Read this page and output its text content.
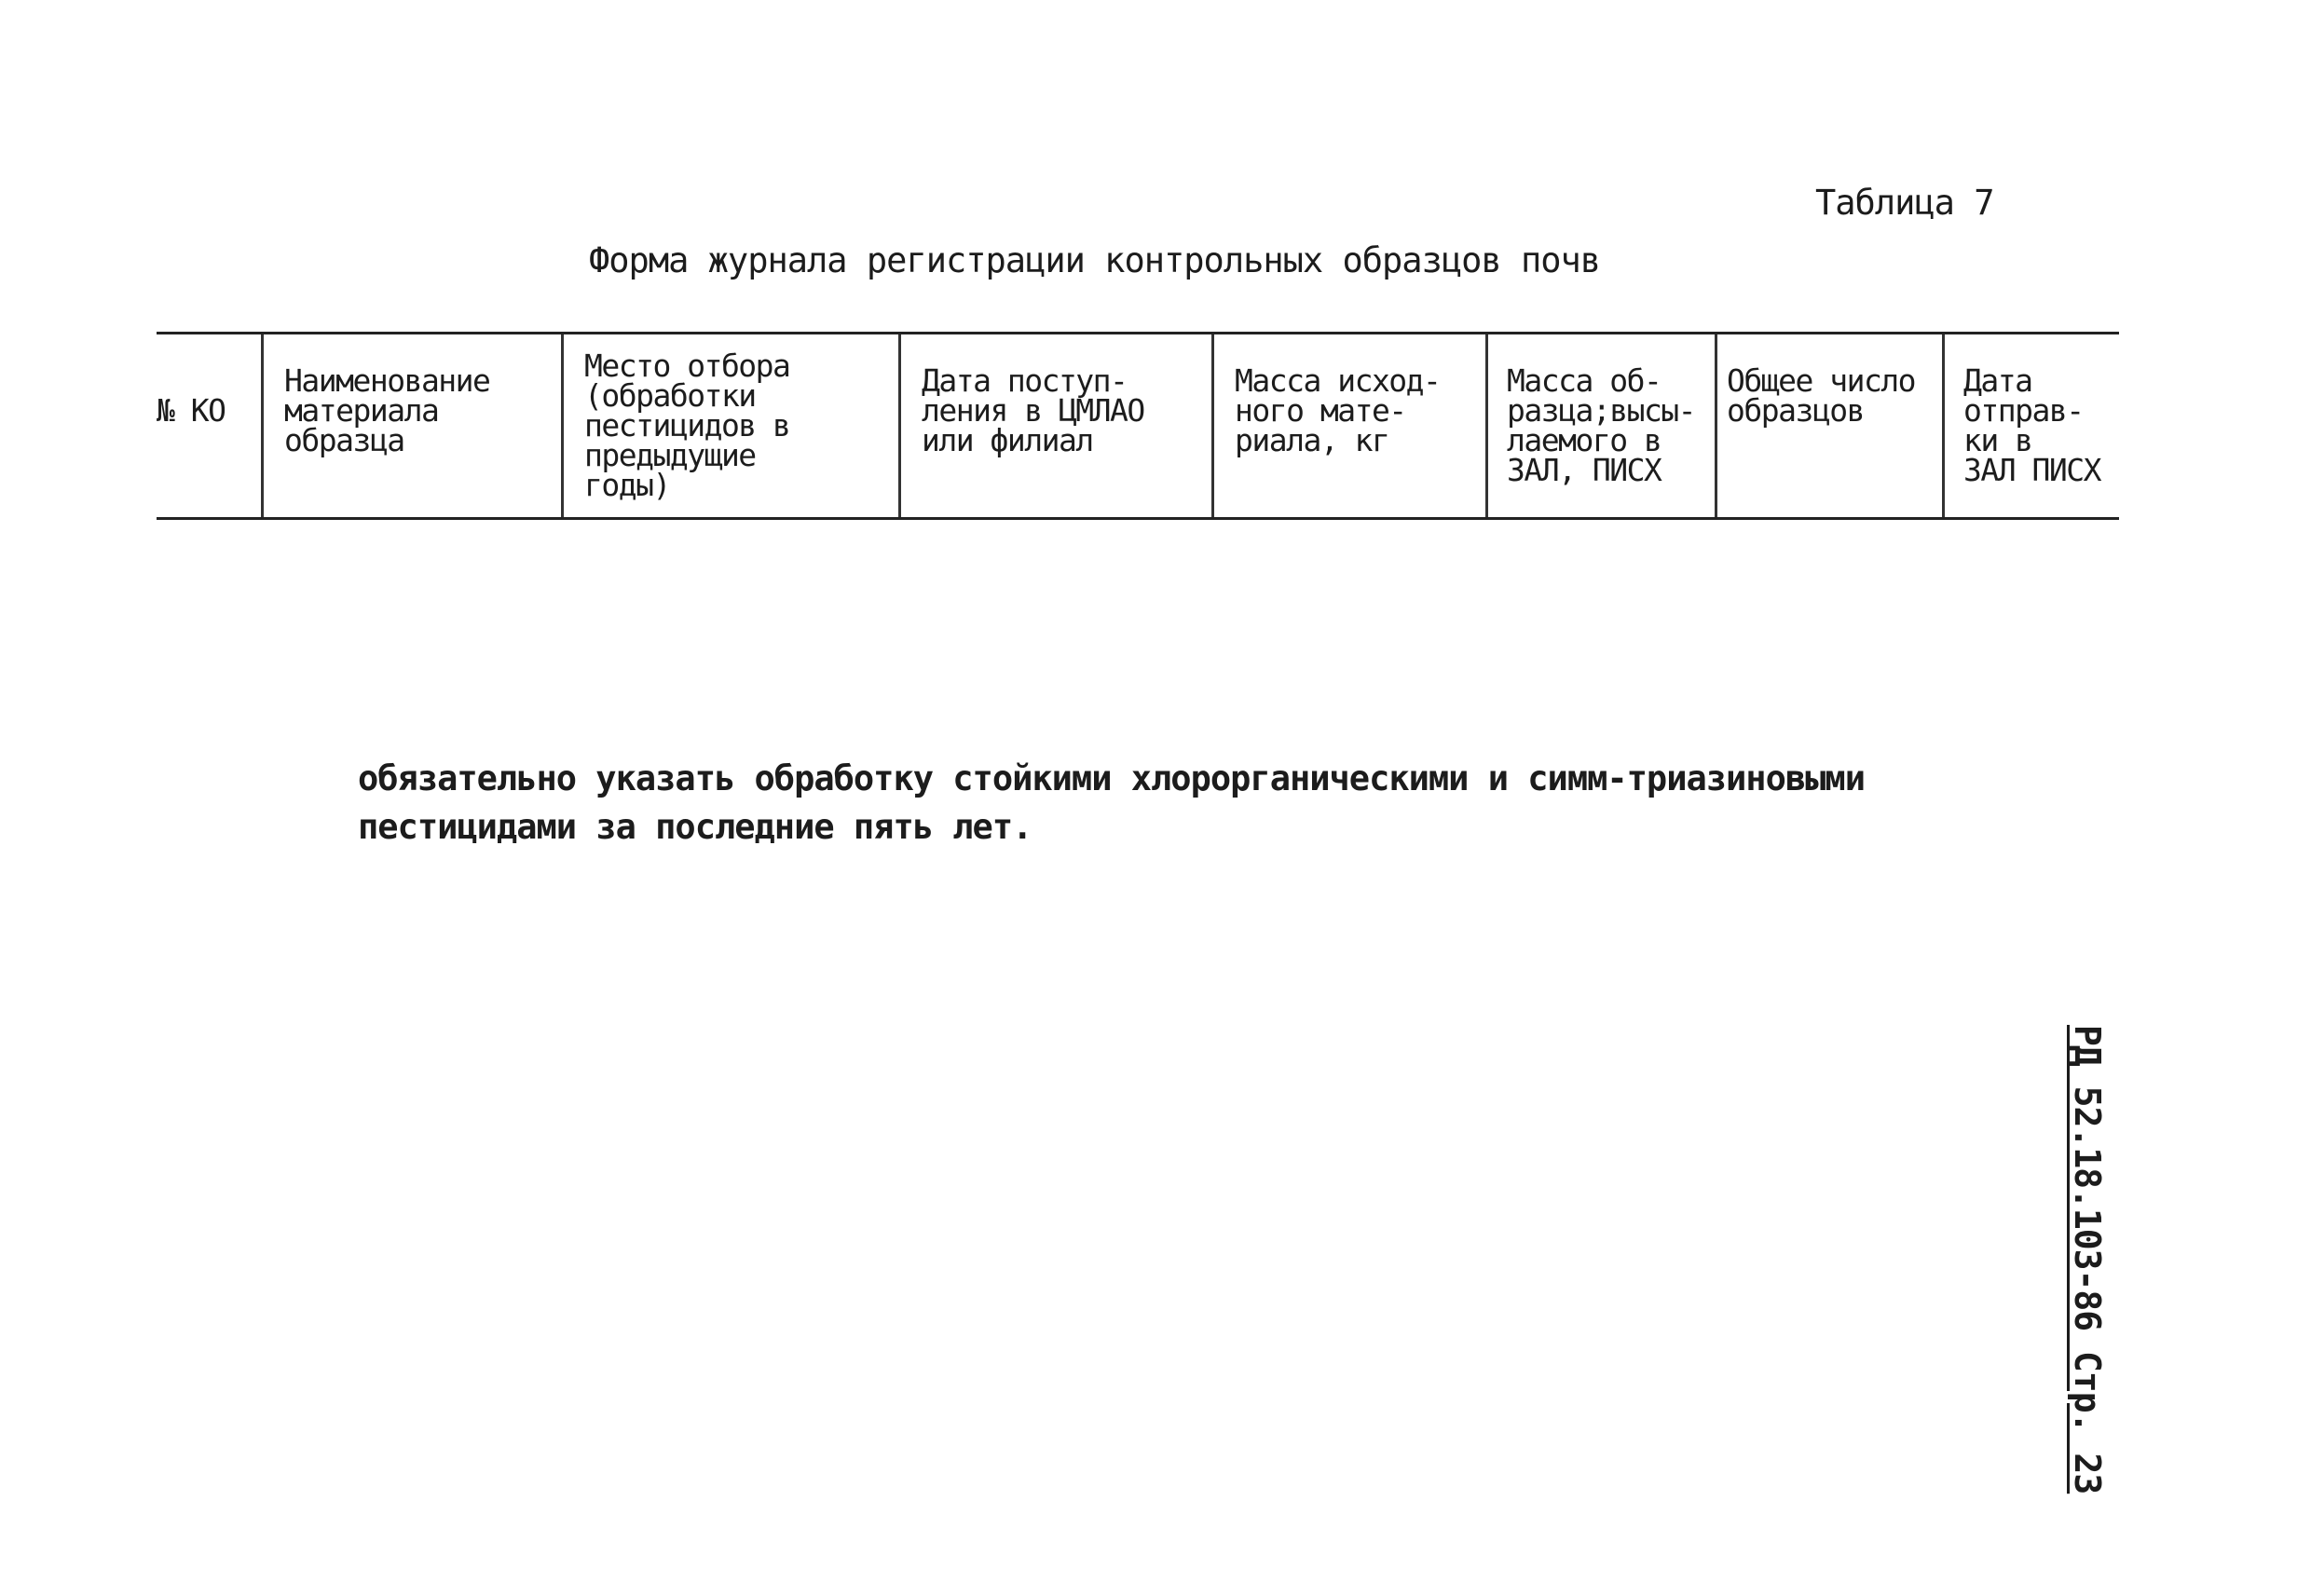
Таблица 7
Форма журнала регистрации контрольных образцов почв
№ КО
Наименование
материала
образца
Место отбора
(обработки
пестицидов в
предыдущие
годы)
Дата поступ-
ления в ЦМЛАО
или филиал
Масса исход-
ного мате-
риала, кг
Масса об-
разца;высы-
лаемого в
ЗАЛ, ПИСХ
Общее число
образцов
Дата
отправ-
ки в
ЗАЛ ПИСХ
обязательно указать обработку стойкими хлорорганическими и симм-триазиновыми
пестицидами за последние пять лет.
РД 52.18.103-86 Стр. 23
